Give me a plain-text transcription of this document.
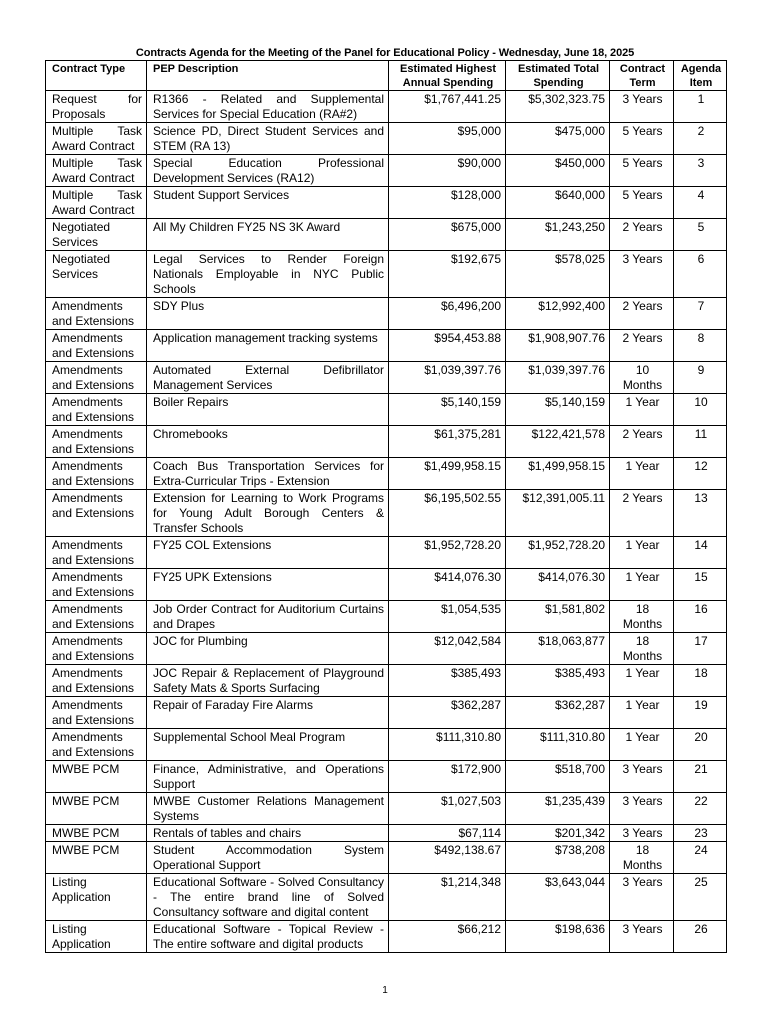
Contracts Agenda for the Meeting of the Panel for Educational Policy - Wednesday, June 18, 2025
Contract Type	PEP Description	Estimated Highest Annual Spending	Estimated Total Spending	Contract Term	Agenda Item
Request for Proposals	R1366 - Related and Supplemental Services for Special Education (RA#2)	$1,767,441.25	$5,302,323.75	3 Years	1
Multiple Task Award Contract	Science PD, Direct Student Services and STEM (RA 13)	$95,000	$475,000	5 Years	2
Multiple Task Award Contract	Special Education Professional Development Services (RA12)	$90,000	$450,000	5 Years	3
Multiple Task Award Contract	Student Support Services	$128,000	$640,000	5 Years	4
Negotiated Services	All My Children FY25 NS 3K Award	$675,000	$1,243,250	2 Years	5
Negotiated Services	Legal Services to Render Foreign Nationals Employable in NYC Public Schools	$192,675	$578,025	3 Years	6
Amendments and Extensions	SDY Plus	$6,496,200	$12,992,400	2 Years	7
Amendments and Extensions	Application management tracking systems	$954,453.88	$1,908,907.76	2 Years	8
Amendments and Extensions	Automated External Defibrillator Management Services	$1,039,397.76	$1,039,397.76	10 Months	9
Amendments and Extensions	Boiler Repairs	$5,140,159	$5,140,159	1 Year	10
Amendments and Extensions	Chromebooks	$61,375,281	$122,421,578	2 Years	11
Amendments and Extensions	Coach Bus Transportation Services for Extra-Curricular Trips - Extension	$1,499,958.15	$1,499,958.15	1 Year	12
Amendments and Extensions	Extension for Learning to Work Programs for Young Adult Borough Centers & Transfer Schools	$6,195,502.55	$12,391,005.11	2 Years	13
Amendments and Extensions	FY25 COL Extensions	$1,952,728.20	$1,952,728.20	1 Year	14
Amendments and Extensions	FY25 UPK Extensions	$414,076.30	$414,076.30	1 Year	15
Amendments and Extensions	Job Order Contract for Auditorium Curtains and Drapes	$1,054,535	$1,581,802	18 Months	16
Amendments and Extensions	JOC for Plumbing	$12,042,584	$18,063,877	18 Months	17
Amendments and Extensions	JOC Repair & Replacement of Playground Safety Mats & Sports Surfacing	$385,493	$385,493	1 Year	18
Amendments and Extensions	Repair of Faraday Fire Alarms	$362,287	$362,287	1 Year	19
Amendments and Extensions	Supplemental School Meal Program	$111,310.80	$111,310.80	1 Year	20
MWBE PCM	Finance, Administrative, and Operations Support	$172,900	$518,700	3 Years	21
MWBE PCM	MWBE Customer Relations Management Systems	$1,027,503	$1,235,439	3 Years	22
MWBE PCM	Rentals of tables and chairs	$67,114	$201,342	3 Years	23
MWBE PCM	Student Accommodation System Operational Support	$492,138.67	$738,208	18 Months	24
Listing Application	Educational Software - Solved Consultancy - The entire brand line of Solved Consultancy software and digital content	$1,214,348	$3,643,044	3 Years	25
Listing Application	Educational Software - Topical Review - The entire software and digital products	$66,212	$198,636	3 Years	26
1
